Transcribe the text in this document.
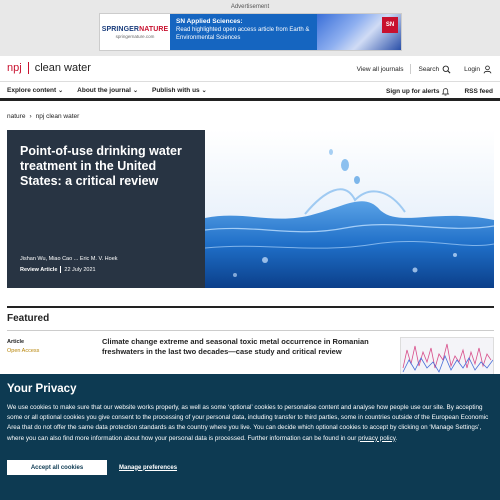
Advertisement
SPRINGERNATURE
springernature.com
SN Applied Sciences:
Read highlighted open access article from Earth & Environmental Sciences
SN
npj clean water	View all journals Search	Login
Explore content ⌄ About the journal ⌄ Publish with us ⌄	Sign up for alerts	RSS feed
nature › npj clean water
Point-of-use drinking water treatment in the United States: a critical review
Jishan Wu, Miao Cao ... Eric M. V. Hoek
Review Article 22 July 2021
Featured
Article
Open Access
Climate change extreme and seasonal toxic metal occurrence in Romanian freshwaters in the last two decades—case study and critical review
Your Privacy
We use cookies to make sure that our website works properly, as well as some ‘optional’ cookies to personalise content and analyse how people use our site. By accepting some or all optional cookies you give consent to the processing of your personal data, including transfer to third parties, some in countries outside of the European Economic Area that do not offer the same data protection standards as the country where you live. You can decide which optional cookies to accept by clicking on ‘Manage Settings’, where you can also find more information about how your personal data is processed. Further information can be found in our privacy policy.
Accept all cookies	Manage preferences
